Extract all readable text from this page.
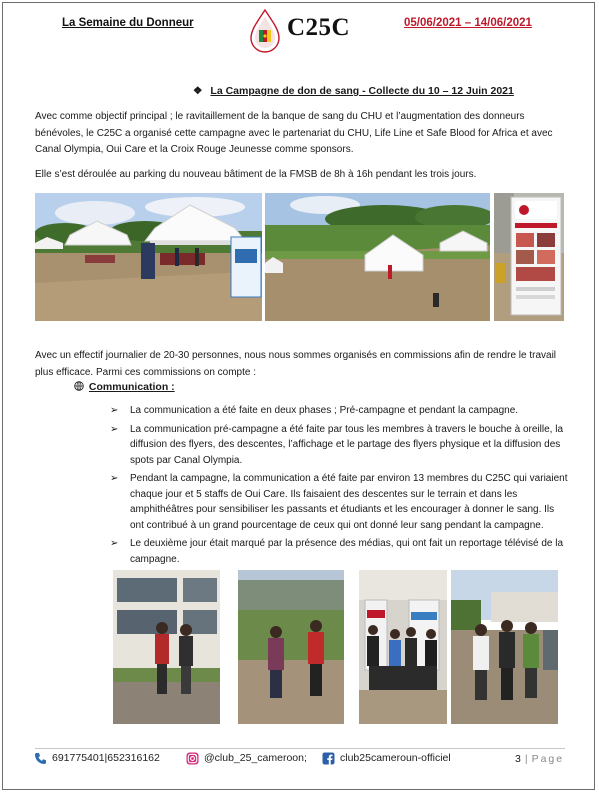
La Semaine du Donneur	C25C	05/06/2021 – 14/06/2021
❖ La Campagne de don de sang - Collecte du 10 – 12 Juin 2021
Avec comme objectif principal ; le ravitaillement de la banque de sang du CHU et l’augmentation des donneurs bénévoles, le C25C a organisé cette campagne avec le partenariat du CHU, Life Line et Safe Blood for Africa et avec Canal Olympia, Oui Care et la Croix Rouge Jeunesse comme sponsors.
Elle s’est déroulée au parking du nouveau bâtiment de la FMSB de 8h à 16h pendant les trois jours.
Avec un effectif journalier de 20-30 personnes, nous nous sommes organisés en commissions afin de rendre le travail plus efficace. Parmi ces commissions on compte :
Communication :
➢ La communication a été faite en deux phases ; Pré-campagne et pendant la campagne.
➢ La communication pré-campagne a été faite par tous les membres à travers le bouche à oreille, la diffusion des flyers, des descentes, l’affichage et le partage des flyers physique et la diffusion des spots par Canal Olympia.
➢ Pendant la campagne, la communication a été faite par environ 13 membres du C25C qui variaient chaque jour et 5 staffs de Oui Care. Ils faisaient des descentes sur le terrain et dans les amphithéâtres pour sensibiliser les passants et étudiants et les encourager à donner le sang. Ils ont contribué à un grand pourcentage de ceux qui ont donné leur sang pendant la campagne.
➢ Le deuxième jour était marqué par la présence des médias, qui ont fait un reportage télévisé de la campagne.
691775401|652316162	@club_25_cameroon;	club25cameroun-officiel	3 | Page
